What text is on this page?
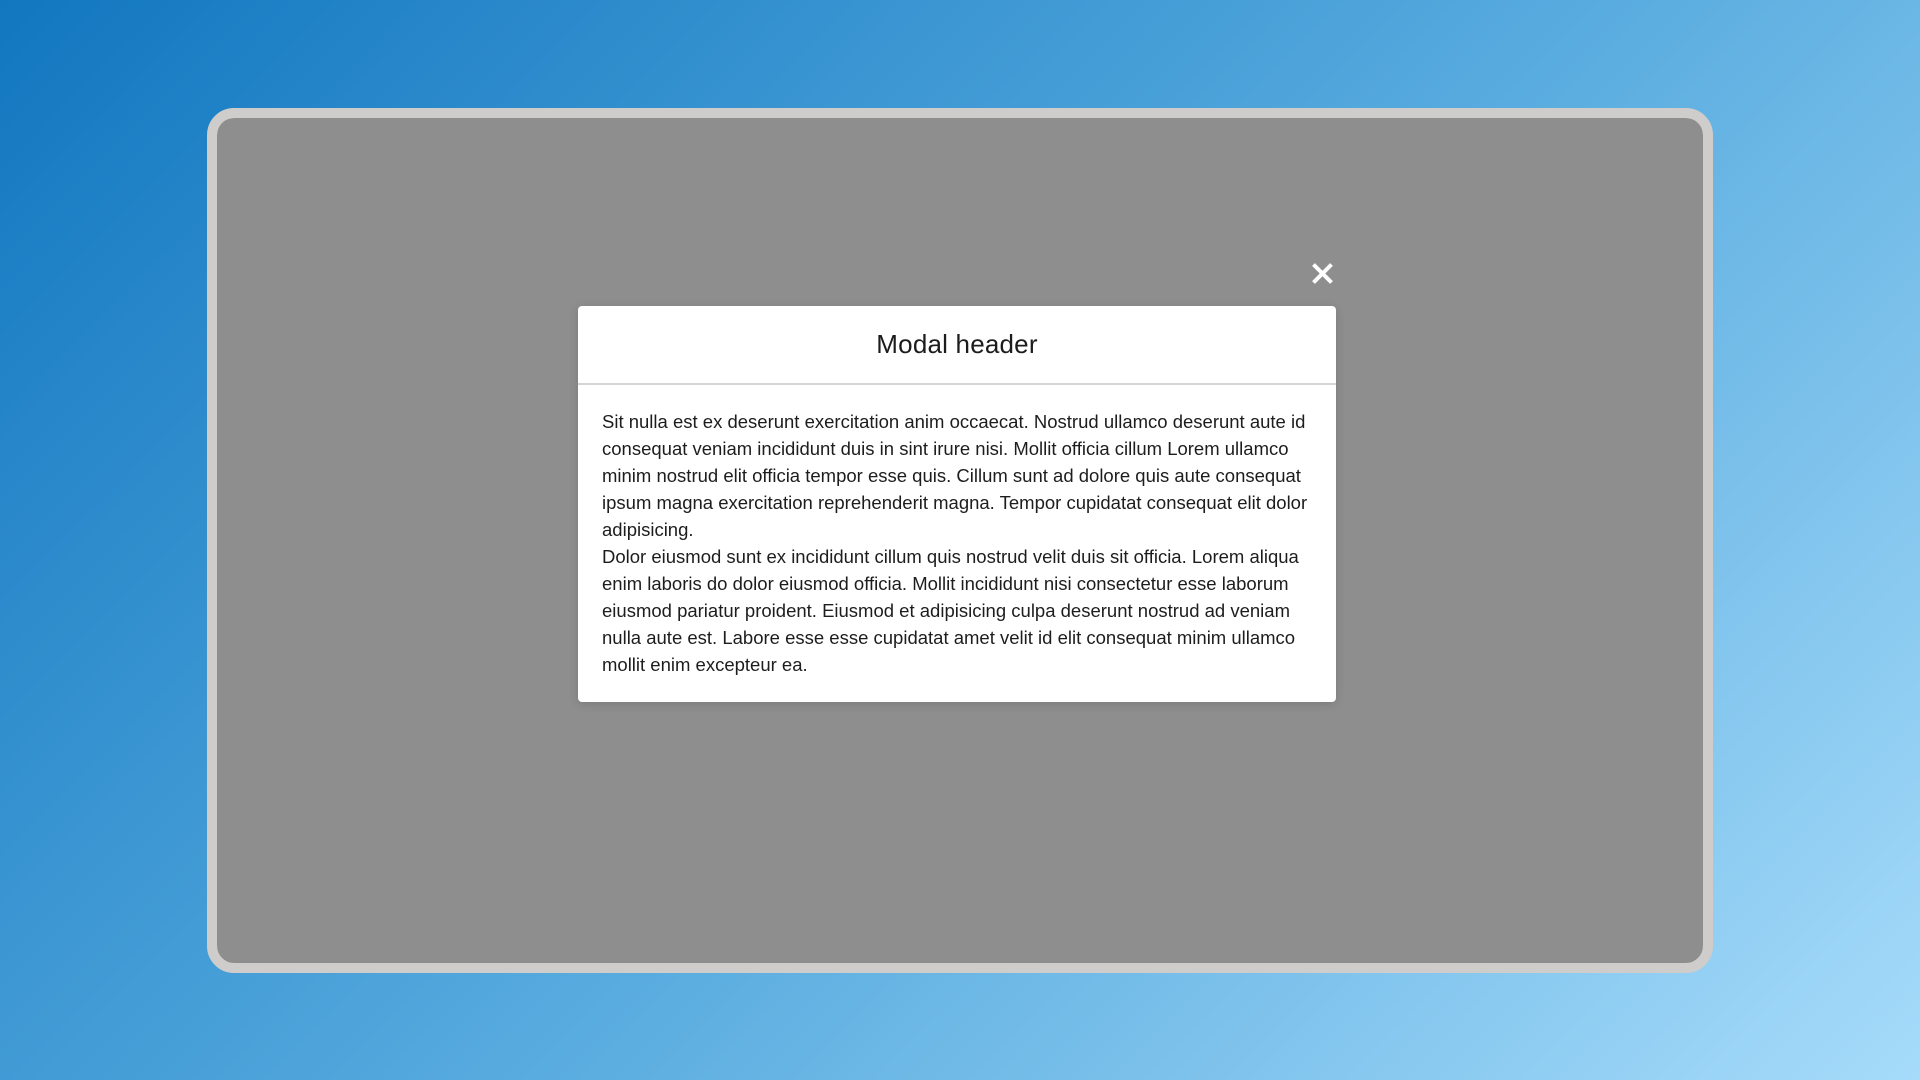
Modal header

Sit nulla est ex deserunt exercitation anim occaecat. Nostrud ullamco deserunt aute id consequat veniam incididunt duis in sint irure nisi. Mollit officia cillum Lorem ullamco minim nostrud elit officia tempor esse quis. Cillum sunt ad dolore quis aute consequat ipsum magna exercitation reprehenderit magna. Tempor cupidatat consequat elit dolor adipisicing.

Dolor eiusmod sunt ex incididunt cillum quis nostrud velit duis sit officia. Lorem aliqua enim laboris do dolor eiusmod officia. Mollit incididunt nisi consectetur esse laborum eiusmod pariatur proident. Eiusmod et adipisicing culpa deserunt nostrud ad veniam nulla aute est. Labore esse esse cupidatat amet velit id elit consequat minim ullamco mollit enim excepteur ea.
